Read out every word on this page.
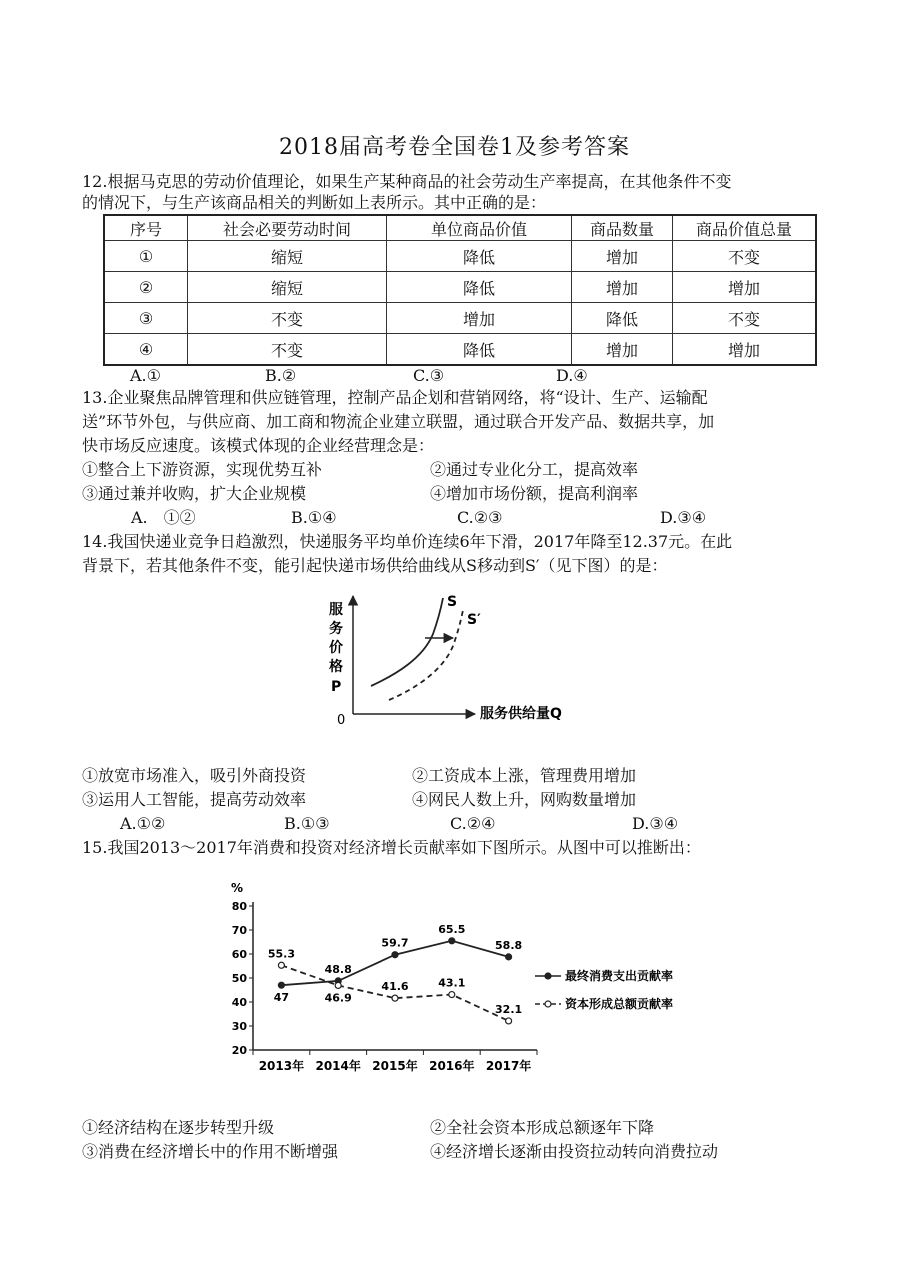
2018届高考卷全国卷1及参考答案
12.根据马克思的劳动价值理论，如果生产某种商品的社会劳动生产率提高，在其他条件不变
的情况下，与生产该商品相关的判断如上表所示。其中正确的是：
序号	社会必要劳动时间	单位商品价值	商品数量	商品价值总量
①	缩短	降低	增加	不变
②	缩短	降低	增加	增加
③	不变	增加	降低	不变
④	不变	降低	增加	增加
A.①	B.②	C.③	D.④
13.企业聚焦品牌管理和供应链管理，控制产品企划和营销网络，将“设计、生产、运输配
送”环节外包，与供应商、加工商和物流企业建立联盟，通过联合开发产品、数据共享，加
快市场反应速度。该模式体现的企业经营理念是：
①整合上下游资源，实现优势互补	②通过专业化分工，提高效率
③通过兼并收购，扩大企业规模	④增加市场份额，提高利润率
A.　①②	B.①④	C.②③	D.③④
14.我国快递业竞争日趋激烈，快递服务平均单价连续6年下滑，2017年降至12.37元。在此
背景下，若其他条件不变，能引起快递市场供给曲线从S移动到S′（见下图）的是：
服
务
价
格
P
0	服务供给量Q
S
S′
①放宽市场准入，吸引外商投资	②工资成本上涨，管理费用增加
③运用人工智能，提高劳动效率	④网民人数上升，网购数量增加
A.①②	B.①③	C.②④	D.③④
15.我国2013～2017年消费和投资对经济增长贡献率如下图所示。从图中可以推断出：
%
20
30
40
50
60
70
80
2013年 2014年 2015年 2016年 2017年
47
48.8
59.7
65.5
58.8
55.3
46.9
41.6	43.1
32.1
最终消费支出贡献率
资本形成总额贡献率
①经济结构在逐步转型升级	②全社会资本形成总额逐年下降
③消费在经济增长中的作用不断增强	④经济增长逐渐由投资拉动转向消费拉动
